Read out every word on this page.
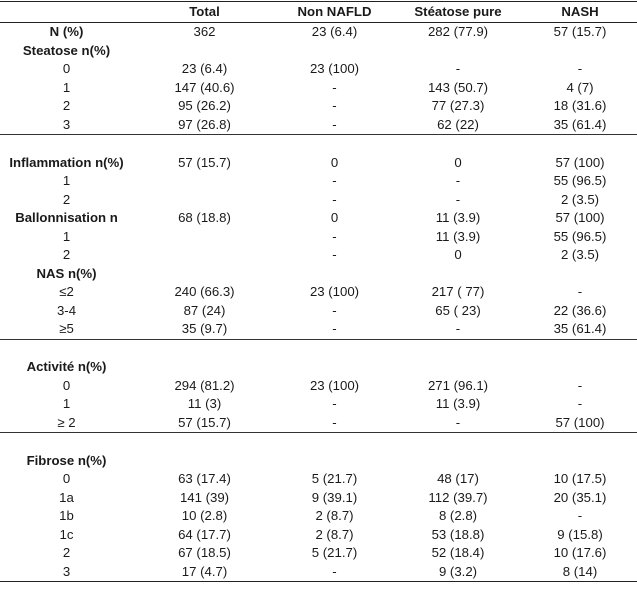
	Total	Non NAFLD	Stéatose pure	NASH
N (%)	362	23 (6.4)	282 (77.9)	57 (15.7)
Steatose n(%)				
0	23 (6.4)	23 (100)	-	-
1	147 (40.6)	-	143 (50.7)	4 (7)
2	95 (26.2)	-	77 (27.3)	18 (31.6)
3	97 (26.8)	-	62 (22)	35 (61.4)

Inflammation n(%)	57 (15.7)	0	0	57 (100)
1		-	-	55 (96.5)
2		-	-	2 (3.5)
Ballonnisation n	68 (18.8)	0	11 (3.9)	57 (100)
1		-	11 (3.9)	55 (96.5)
2		-	0	2 (3.5)
NAS n(%)				
≤2	240 (66.3)	23 (100)	217 ( 77)	-
3-4	87 (24)	-	65 ( 23)	22 (36.6)
≥5	35 (9.7)	-	-	35 (61.4)

Activité n(%)				
0	294 (81.2)	23 (100)	271 (96.1)	-
1	11 (3)	-	11 (3.9)	-
≥ 2	57 (15.7)	-	-	57 (100)

Fibrose n(%)				
0	63 (17.4)	5 (21.7)	48 (17)	10 (17.5)
1a	141 (39)	9 (39.1)	112 (39.7)	20 (35.1)
1b	10 (2.8)	2 (8.7)	8 (2.8)	-
1c	64 (17.7)	2 (8.7)	53 (18.8)	9 (15.8)
2	67 (18.5)	5 (21.7)	52 (18.4)	10 (17.6)
3	17 (4.7)	-	9 (3.2)	8 (14)
